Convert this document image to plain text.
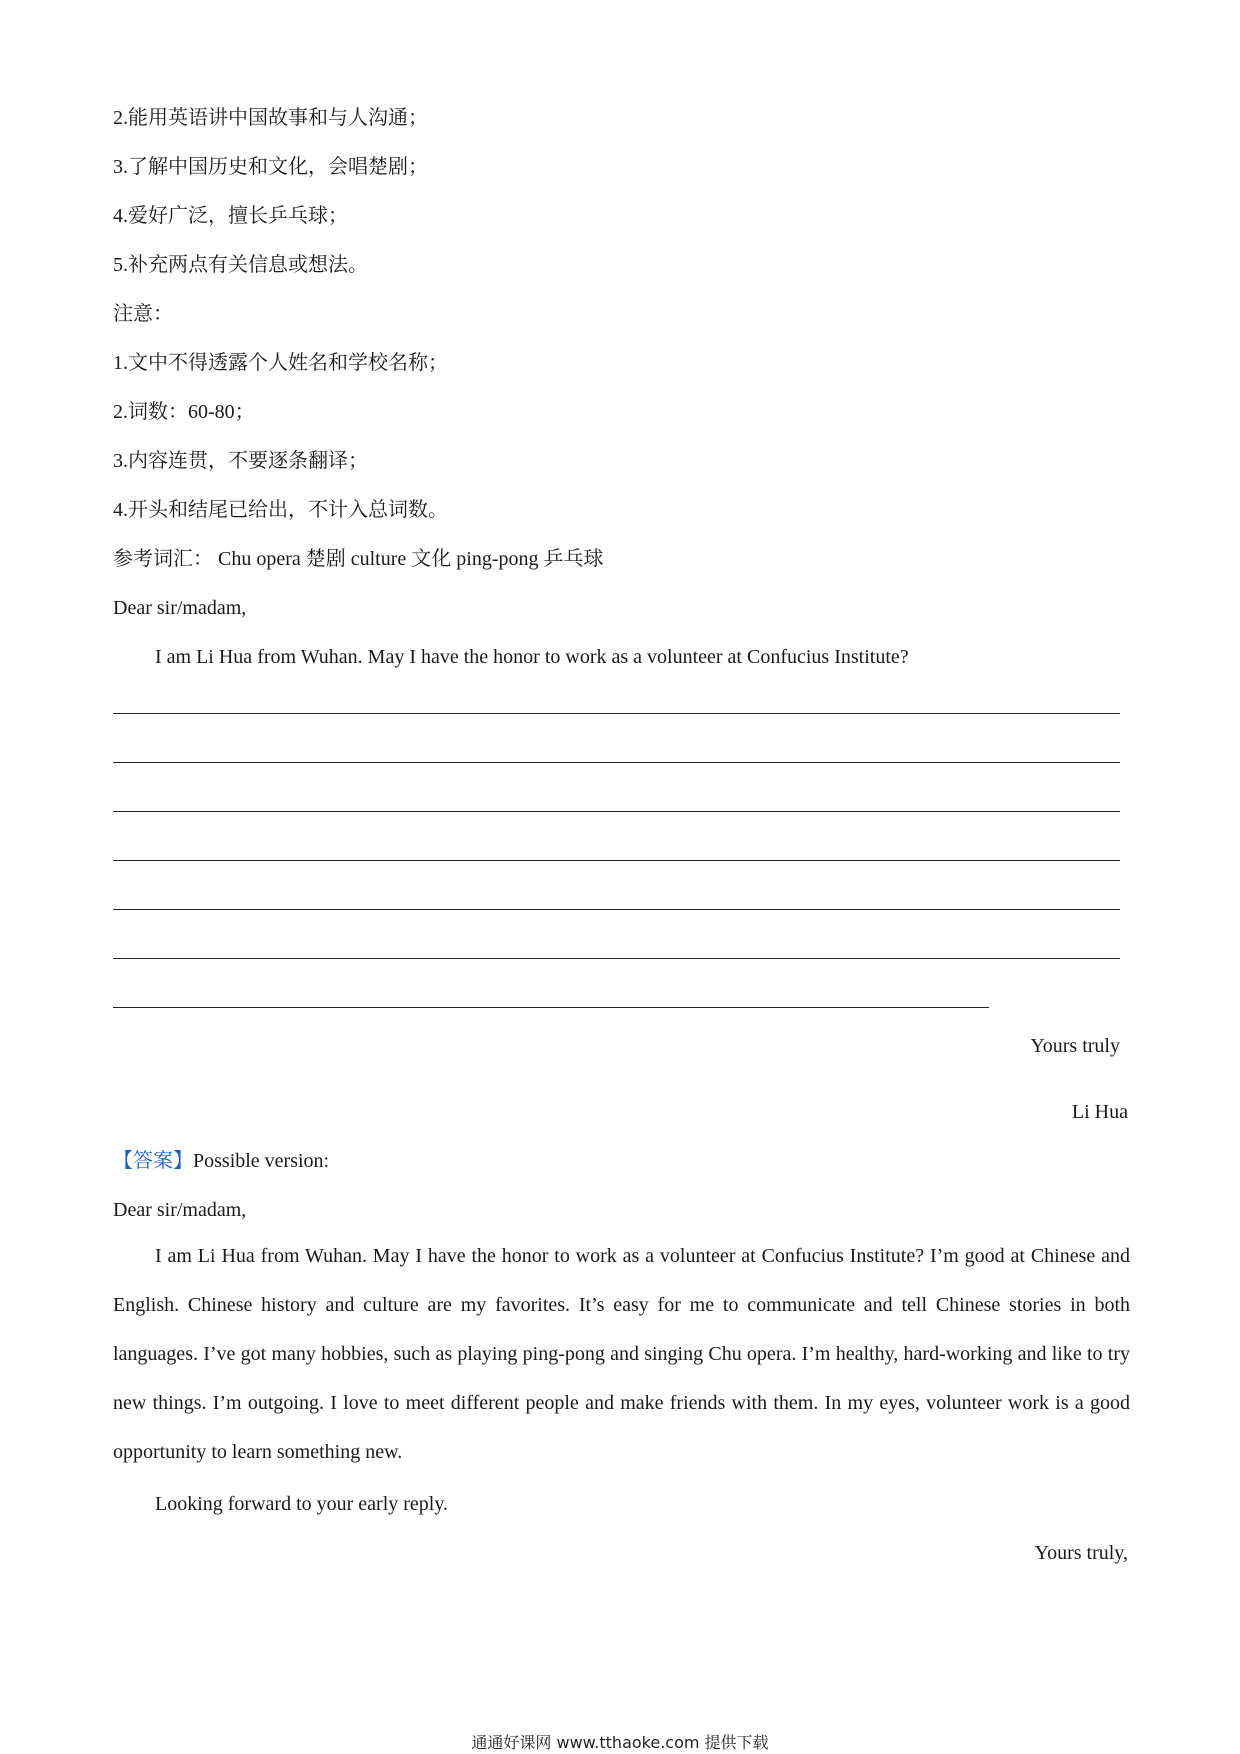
2.能用英语讲中国故事和与人沟通；
3.了解中国历史和文化，会唱楚剧；
4.爱好广泛，擅长乒乓球；
5.补充两点有关信息或想法。
注意：
1.文中不得透露个人姓名和学校名称；
2.词数：60-80；
3.内容连贯，不要逐条翻译；
4.开头和结尾已给出，不计入总词数。
参考词汇： Chu opera 楚剧 culture 文化 ping-pong 乒乓球
Dear sir/madam,
I am Li Hua from Wuhan. May I have the honor to work as a volunteer at Confucius Institute?
Yours truly
Li Hua
【答案】Possible version:
Dear sir/madam,
I am Li Hua from Wuhan. May I have the honor to work as a volunteer at Confucius Institute? I’m good at Chinese and English. Chinese history and culture are my favorites. It’s easy for me to communicate and tell Chinese stories in both languages. I’ve got many hobbies, such as playing ping-pong and singing Chu opera. I’m healthy, hard-working and like to try new things. I’m outgoing. I love to meet different people and make friends with them. In my eyes, volunteer work is a good opportunity to learn something new.
Looking forward to your early reply.
Yours truly,
通通好课网 www.tthaoke.com 提供下载
